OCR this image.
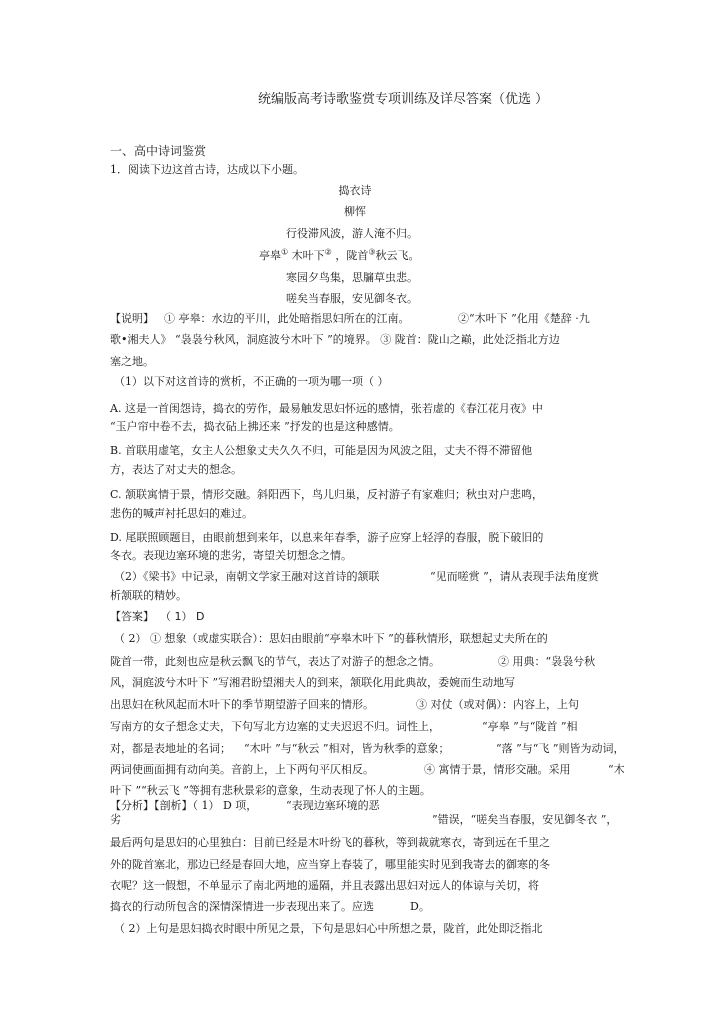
统编版高考诗歌鉴赏专项训练及详尽答案（优选 ）
一、高中诗词鉴赏
1．阅读下边这首古诗，达成以下小题。
捣衣诗
柳恽
行役滞风波，游人淹不归。
亭皋① 木叶下② ，陇首③秋云飞。
寒园夕鸟集，思牖草虫悲。
嗟矣当春服，安见御冬衣。
【说明】 ① 亭皋：水边的平川，此处暗指思妇所在的江南。	②“木叶下 ”化用《楚辞 ·九
歌•湘夫人》 “袅袅兮秋风，洞庭波兮木叶下 ”的境界。 ③ 陇首：陇山之巅，此处泛指北方边
塞之地。
（1）以下对这首诗的赏析，不正确的一项为哪一项（ ）
A. 这是一首闺怨诗，捣衣的劳作，最易触发思妇怀远的感情，张若虚的《春江花月夜》中
“玉户帘中卷不去，捣衣砧上拂还来 ”抒发的也是这种感情。
B. 首联用虚笔，女主人公想象丈夫久久不归，可能是因为风波之阻，丈夫不得不滞留他
方，表达了对丈夫的想念。
C. 颔联寓情于景，情形交融。斜阳西下，鸟儿归巢，反衬游子有家难归；秋虫对户悲鸣，
悲伤的喊声衬托思妇的难过。
D. 尾联照顾题目，由眼前想到来年，以息来年春季，游子应穿上轻浮的春服，脱下破旧的
冬衣。表现边塞环境的悲劣，寄望关切想念之情。
（2）《梁书》中记录，南朝文学家王融对这首诗的颔联	“见而嗟赏 ”，请从表现手法角度赏
析颔联的精妙。
【答案】 （ 1） D
（ 2） ① 想象（或虚实联合）：思妇由眼前“亭皋木叶下 ”的暮秋情形，联想起丈夫所在的
陇首一带，此刻也应是秋云飘飞的节气，表达了对游子的想念之情。	② 用典：“袅袅兮秋
风，洞庭波兮木叶下 ”写湘君盼望湘夫人的到来，颔联化用此典故，委婉而生动地写
出思妇在秋风起而木叶下的季节期望游子回来的情形。	③ 对仗（或对偶）：内容上，上句
写南方的女子想念丈夫，下句写北方边塞的丈夫迟迟不归。词性上，	“亭皋 ”与“陇首 ”相
对，都是表地址的名词； “木叶 ”与“秋云 ”相对，皆为秋季的意象；	“落 ”与“飞 ”则皆为动词，
两词使画面拥有动向美。音韵上，上下两句平仄相反。	④ 寓情于景，情形交融。采用	“木
叶下 ”“秋云飞 ”等拥有悲秋景彩的意象，生动表现了怀人的主题。
【分析】【剖析】（ 1） D 项，	“表现边塞环境的恶
劣	”错误，“嗟矣当春服，安见御冬衣 ”，
最后两句是思妇的心里独白：目前已经是木叶纷飞的暮秋，等到裁就寒衣，寄到远在千里之
外的陇首塞北，那边已经是春回大地，应当穿上春装了，哪里能实时见到我寄去的御寒的冬
衣呢？这一假想，不单显示了南北两地的遥隔，并且表露出思妇对远人的体谅与关切，将
捣衣的行动所包含的深情深情进一步表现出来了。应选	D。
（ 2）上句是思妇捣衣时眼中所见之景，下句是思妇心中所想之景，陇首，此处即泛指北
